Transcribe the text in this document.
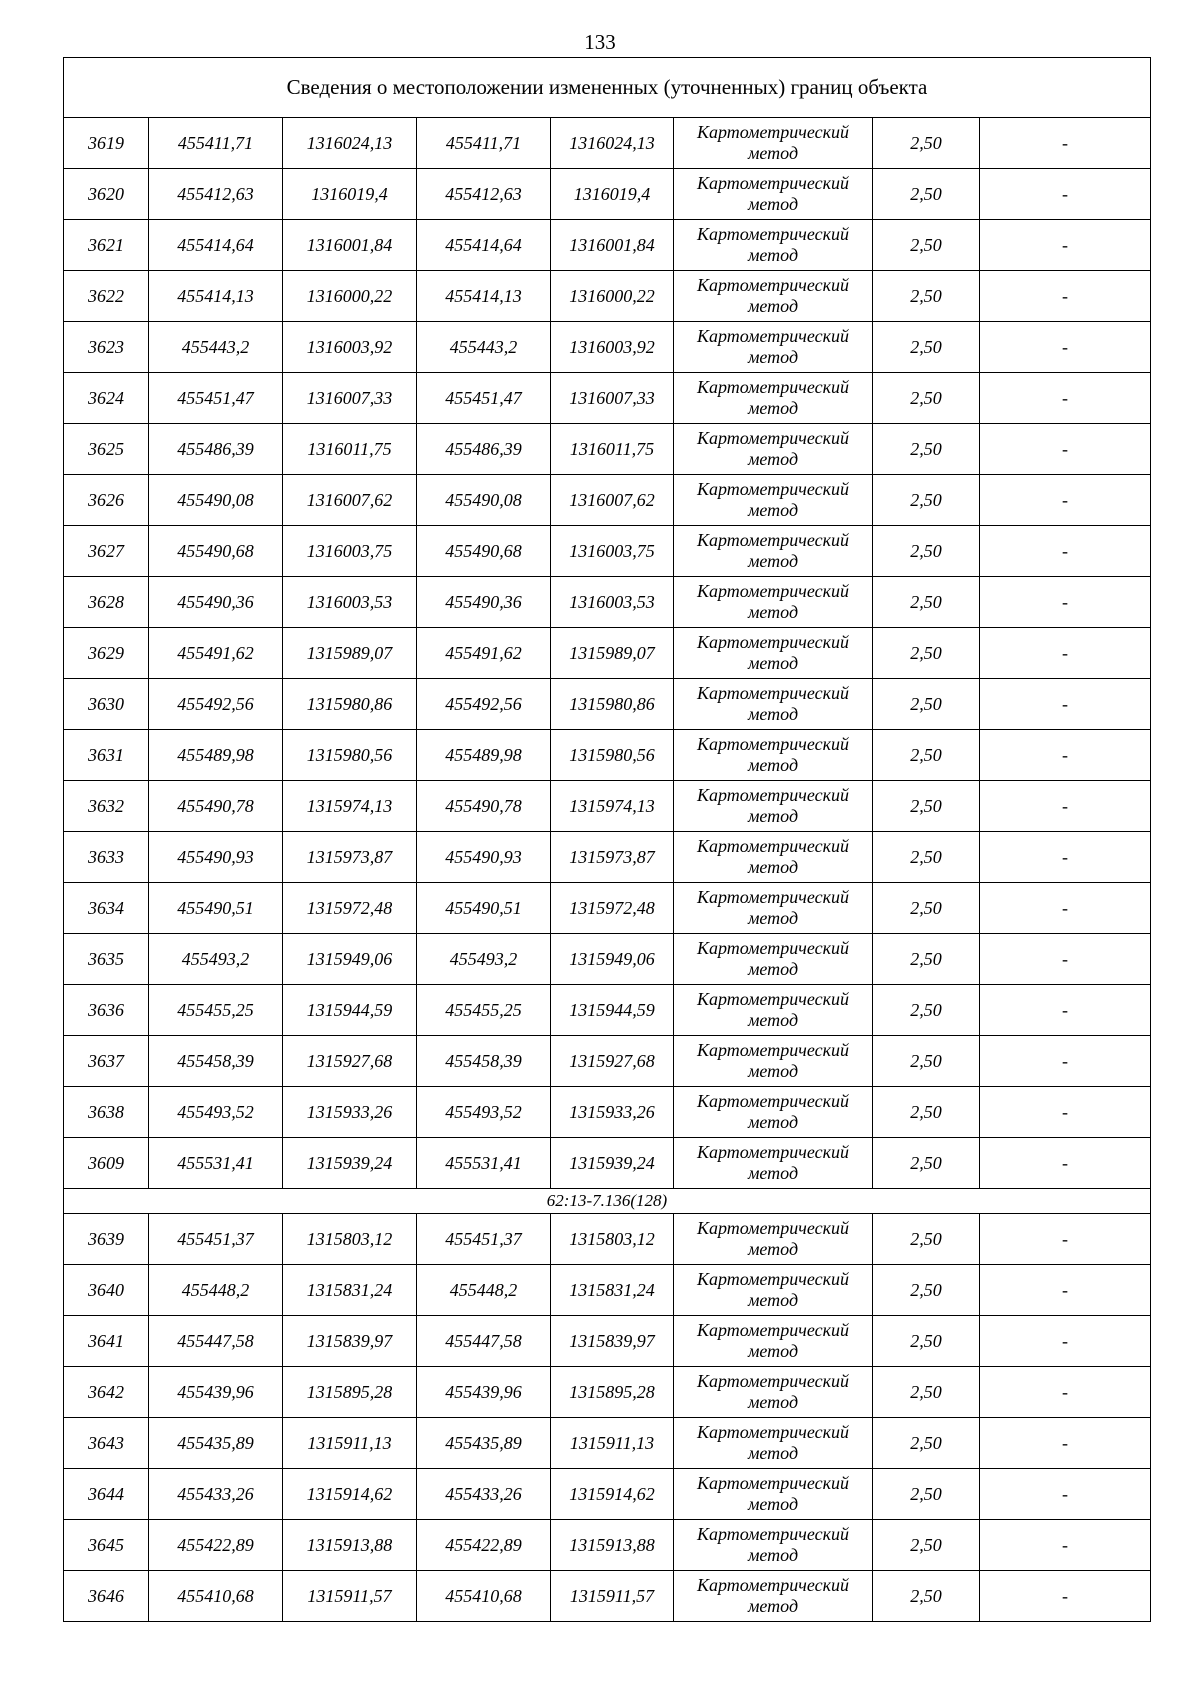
133
Сведения о местоположении измененных (уточненных) границ объекта							
3619	455411,71	1316024,13	455411,71	1316024,13	Картометрический
метод	2,50	-
3620	455412,63	1316019,4	455412,63	1316019,4	Картометрический
метод	2,50	-
3621	455414,64	1316001,84	455414,64	1316001,84	Картометрический
метод	2,50	-
3622	455414,13	1316000,22	455414,13	1316000,22	Картометрический
метод	2,50	-
3623	455443,2	1316003,92	455443,2	1316003,92	Картометрический
метод	2,50	-
3624	455451,47	1316007,33	455451,47	1316007,33	Картометрический
метод	2,50	-
3625	455486,39	1316011,75	455486,39	1316011,75	Картометрический
метод	2,50	-
3626	455490,08	1316007,62	455490,08	1316007,62	Картометрический
метод	2,50	-
3627	455490,68	1316003,75	455490,68	1316003,75	Картометрический
метод	2,50	-
3628	455490,36	1316003,53	455490,36	1316003,53	Картометрический
метод	2,50	-
3629	455491,62	1315989,07	455491,62	1315989,07	Картометрический
метод	2,50	-
3630	455492,56	1315980,86	455492,56	1315980,86	Картометрический
метод	2,50	-
3631	455489,98	1315980,56	455489,98	1315980,56	Картометрический
метод	2,50	-
3632	455490,78	1315974,13	455490,78	1315974,13	Картометрический
метод	2,50	-
3633	455490,93	1315973,87	455490,93	1315973,87	Картометрический
метод	2,50	-
3634	455490,51	1315972,48	455490,51	1315972,48	Картометрический
метод	2,50	-
3635	455493,2	1315949,06	455493,2	1315949,06	Картометрический
метод	2,50	-
3636	455455,25	1315944,59	455455,25	1315944,59	Картометрический
метод	2,50	-
3637	455458,39	1315927,68	455458,39	1315927,68	Картометрический
метод	2,50	-
3638	455493,52	1315933,26	455493,52	1315933,26	Картометрический
метод	2,50	-
3609	455531,41	1315939,24	455531,41	1315939,24	Картометрический
метод	2,50	-
62:13-7.136(128)							
3639	455451,37	1315803,12	455451,37	1315803,12	Картометрический
метод	2,50	-
3640	455448,2	1315831,24	455448,2	1315831,24	Картометрический
метод	2,50	-
3641	455447,58	1315839,97	455447,58	1315839,97	Картометрический
метод	2,50	-
3642	455439,96	1315895,28	455439,96	1315895,28	Картометрический
метод	2,50	-
3643	455435,89	1315911,13	455435,89	1315911,13	Картометрический
метод	2,50	-
3644	455433,26	1315914,62	455433,26	1315914,62	Картометрический
метод	2,50	-
3645	455422,89	1315913,88	455422,89	1315913,88	Картометрический
метод	2,50	-
3646	455410,68	1315911,57	455410,68	1315911,57	Картометрический
метод	2,50	-
